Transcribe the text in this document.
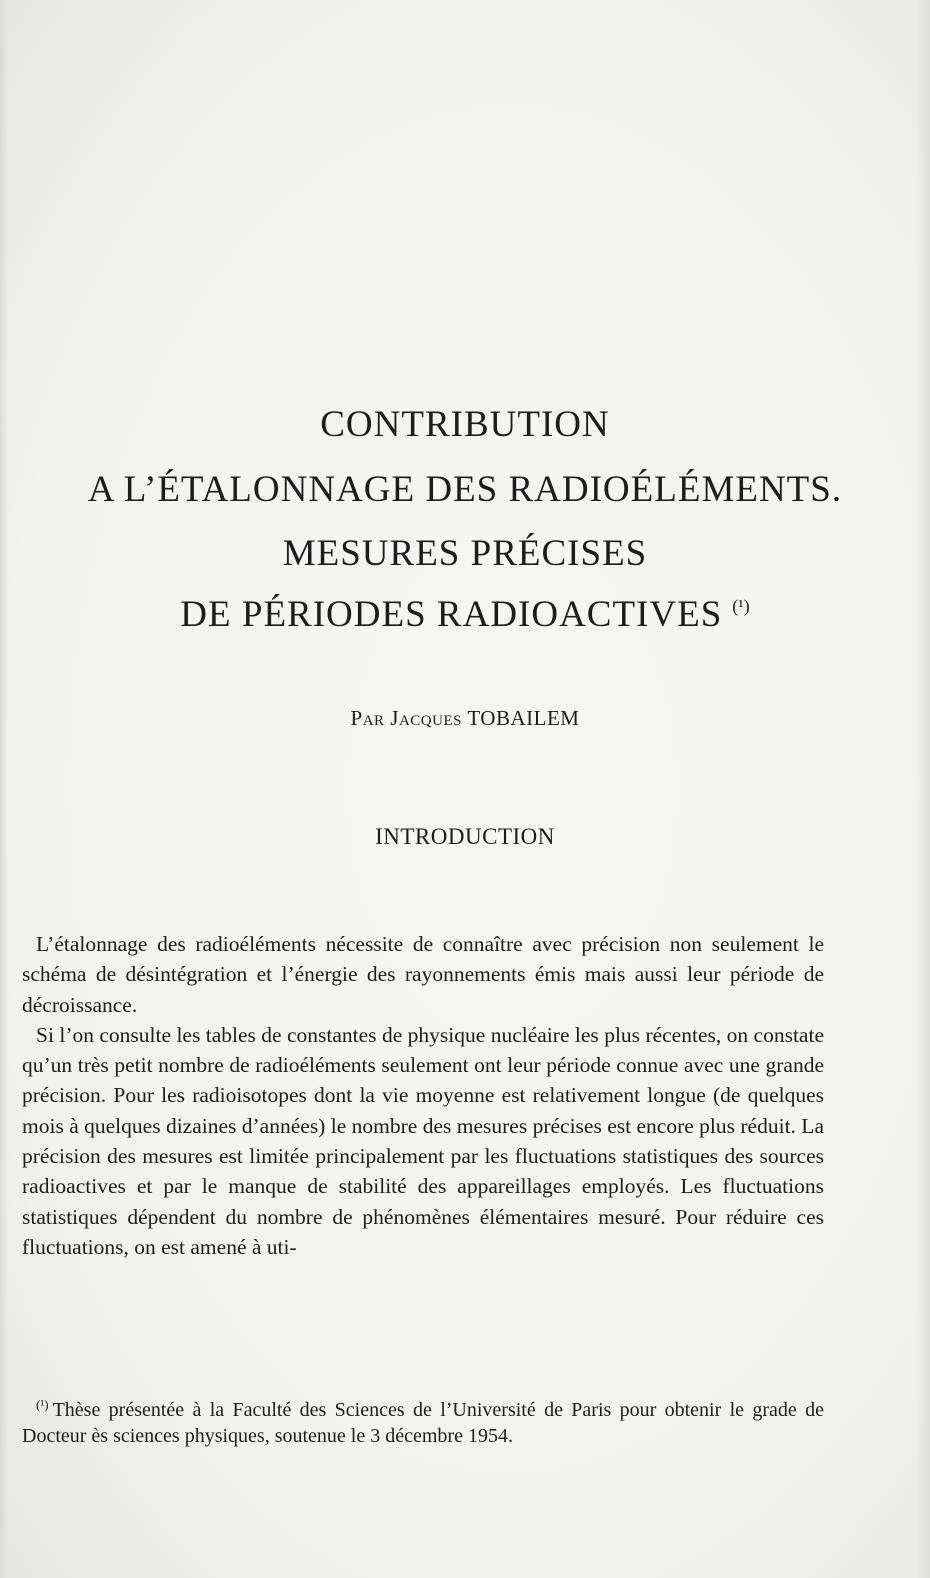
CONTRIBUTION
A L’ÉTALONNAGE DES RADIOÉLÉMENTS.
MESURES PRÉCISES
DE PÉRIODES RADIOACTIVES $^{(^1)}$
Par Jacques TOBAILEM
INTRODUCTION

L’étalonnage des radioéléments nécessite de connaître avec précision non seulement le schéma de désintégration et l’énergie des rayonnements émis mais aussi leur période de décroissance.

Si l’on consulte les tables de constantes de physique nucléaire les plus récentes, on constate qu’un très petit nombre de radioéléments seulement ont leur période connue avec une grande précision. Pour les radioisotopes dont la vie moyenne est relativement longue (de quelques mois à quelques dizaines d’années) le nombre des mesures précises est encore plus réduit. La précision des mesures est limitée principalement par les fluctuations statistiques des sources radioactives et par le manque de stabilité des appareillages employés. Les fluctuations statistiques dépendent du nombre de phénomènes élémentaires mesuré. Pour réduire ces fluctuations, on est amené à uti-

$^{(^1)}$ Thèse présentée à la Faculté des Sciences de l’Université de Paris pour obtenir le grade de Docteur ès sciences physiques, soutenue le 3 décembre 1954.
